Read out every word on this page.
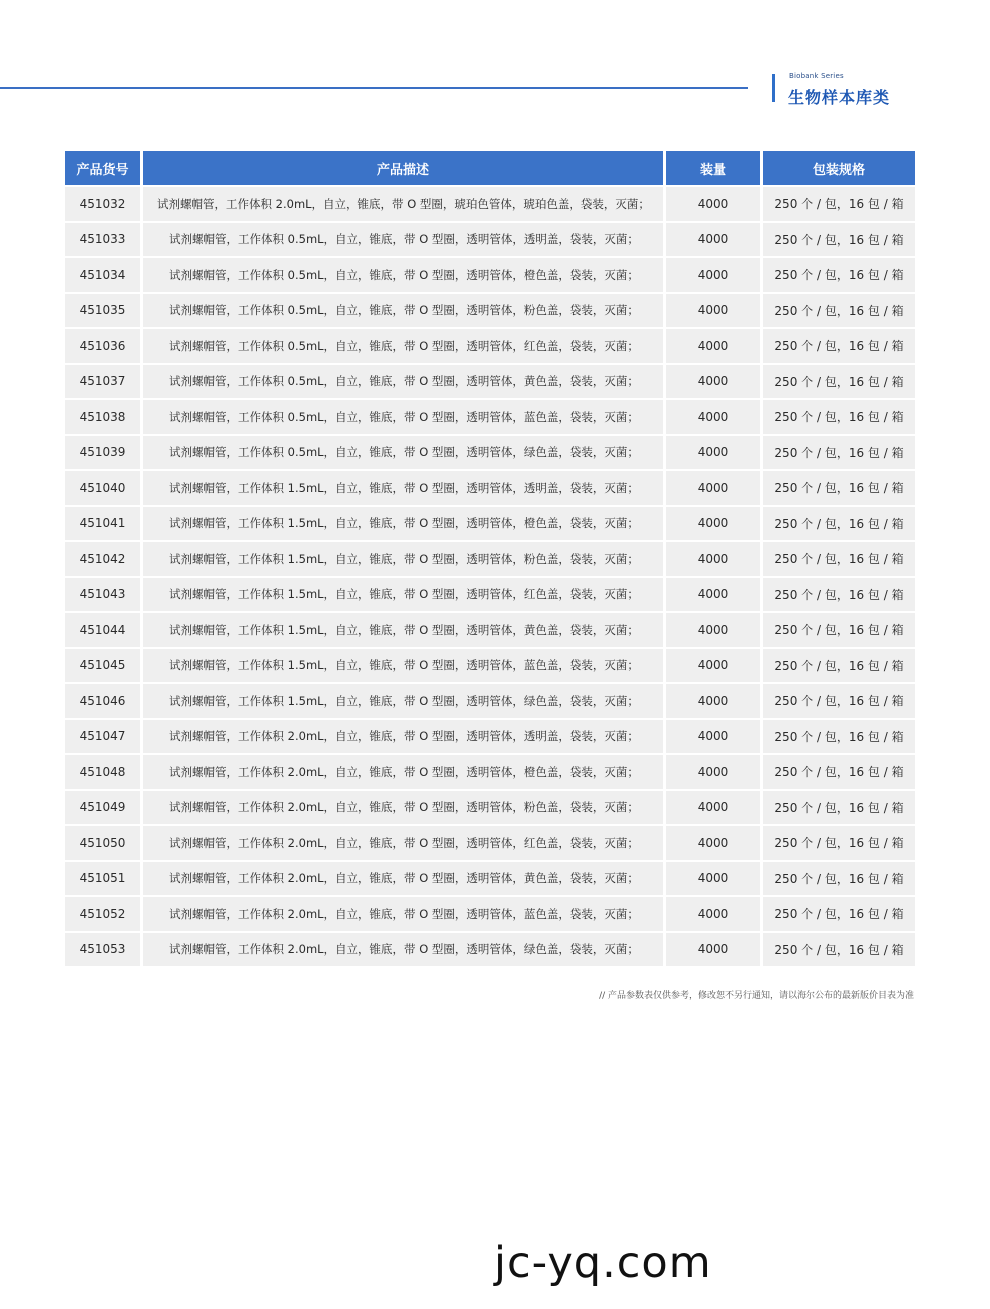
Biobank Series
生物样本库类
产品货号	产品描述	装量	包装规格
451032	试剂螺帽管，工作体积 2.0mL，自立，锥底，带 O 型圈，琥珀色管体，琥珀色盖，袋装，灭菌；	4000	250 个 / 包，16 包 / 箱
451033	试剂螺帽管，工作体积 0.5mL，自立，锥底，带 O 型圈，透明管体，透明盖，袋装，灭菌；	4000	250 个 / 包，16 包 / 箱
451034	试剂螺帽管，工作体积 0.5mL，自立，锥底，带 O 型圈，透明管体，橙色盖，袋装，灭菌；	4000	250 个 / 包，16 包 / 箱
451035	试剂螺帽管，工作体积 0.5mL，自立，锥底，带 O 型圈，透明管体，粉色盖，袋装，灭菌；	4000	250 个 / 包，16 包 / 箱
451036	试剂螺帽管，工作体积 0.5mL，自立，锥底，带 O 型圈，透明管体，红色盖，袋装，灭菌；	4000	250 个 / 包，16 包 / 箱
451037	试剂螺帽管，工作体积 0.5mL，自立，锥底，带 O 型圈，透明管体，黄色盖，袋装，灭菌；	4000	250 个 / 包，16 包 / 箱
451038	试剂螺帽管，工作体积 0.5mL，自立，锥底，带 O 型圈，透明管体，蓝色盖，袋装，灭菌；	4000	250 个 / 包，16 包 / 箱
451039	试剂螺帽管，工作体积 0.5mL，自立，锥底，带 O 型圈，透明管体，绿色盖，袋装，灭菌；	4000	250 个 / 包，16 包 / 箱
451040	试剂螺帽管，工作体积 1.5mL，自立，锥底，带 O 型圈，透明管体，透明盖，袋装，灭菌；	4000	250 个 / 包，16 包 / 箱
451041	试剂螺帽管，工作体积 1.5mL，自立，锥底，带 O 型圈，透明管体，橙色盖，袋装，灭菌；	4000	250 个 / 包，16 包 / 箱
451042	试剂螺帽管，工作体积 1.5mL，自立，锥底，带 O 型圈，透明管体，粉色盖，袋装，灭菌；	4000	250 个 / 包，16 包 / 箱
451043	试剂螺帽管，工作体积 1.5mL，自立，锥底，带 O 型圈，透明管体，红色盖，袋装，灭菌；	4000	250 个 / 包，16 包 / 箱
451044	试剂螺帽管，工作体积 1.5mL，自立，锥底，带 O 型圈，透明管体，黄色盖，袋装，灭菌；	4000	250 个 / 包，16 包 / 箱
451045	试剂螺帽管，工作体积 1.5mL，自立，锥底，带 O 型圈，透明管体，蓝色盖，袋装，灭菌；	4000	250 个 / 包，16 包 / 箱
451046	试剂螺帽管，工作体积 1.5mL，自立，锥底，带 O 型圈，透明管体，绿色盖，袋装，灭菌；	4000	250 个 / 包，16 包 / 箱
451047	试剂螺帽管，工作体积 2.0mL，自立，锥底，带 O 型圈，透明管体，透明盖，袋装，灭菌；	4000	250 个 / 包，16 包 / 箱
451048	试剂螺帽管，工作体积 2.0mL，自立，锥底，带 O 型圈，透明管体，橙色盖，袋装，灭菌；	4000	250 个 / 包，16 包 / 箱
451049	试剂螺帽管，工作体积 2.0mL，自立，锥底，带 O 型圈，透明管体，粉色盖，袋装，灭菌；	4000	250 个 / 包，16 包 / 箱
451050	试剂螺帽管，工作体积 2.0mL，自立，锥底，带 O 型圈，透明管体，红色盖，袋装，灭菌；	4000	250 个 / 包，16 包 / 箱
451051	试剂螺帽管，工作体积 2.0mL，自立，锥底，带 O 型圈，透明管体，黄色盖，袋装，灭菌；	4000	250 个 / 包，16 包 / 箱
451052	试剂螺帽管，工作体积 2.0mL，自立，锥底，带 O 型圈，透明管体，蓝色盖，袋装，灭菌；	4000	250 个 / 包，16 包 / 箱
451053	试剂螺帽管，工作体积 2.0mL，自立，锥底，带 O 型圈，透明管体，绿色盖，袋装，灭菌；	4000	250 个 / 包，16 包 / 箱
// 产品参数表仅供参考，修改恕不另行通知，请以海尔公布的最新版价目表为准
jc-yq.com
